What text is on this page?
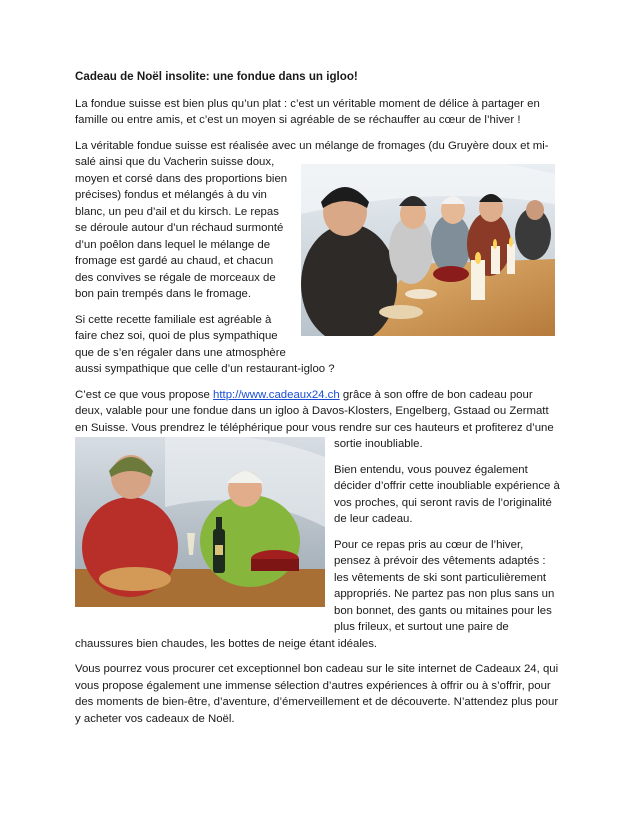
Cadeau de Noël insolite: une fondue dans un igloo!

La fondue suisse est bien plus qu’un plat : c’est un véritable moment de délice à partager en
famille ou entre amis, et c’est un moyen si agréable de se réchauffer au cœur de l’hiver !

La véritable fondue suisse est réalisée avec un mélange de fromages (du Gruyère doux et mi-
salé ainsi que du Vacherin suisse doux,
moyen et corsé dans des proportions bien
précises) fondus et mélangés à du vin
blanc, un peu d’ail et du kirsch. Le repas
se déroule autour d’un réchaud surmonté
d’un poêlon dans lequel le mélange de
fromage est gardé au chaud, et chacun
des convives se régale de morceaux de
bon pain trempés dans le fromage.

Si cette recette familiale est agréable à
faire chez soi, quoi de plus sympathique
que de s’en régaler dans une atmosphère
aussi sympathique que celle d’un restaurant-igloo ?

C’est ce que vous propose http://www.cadeaux24.ch grâce à son offre de bon cadeau pour
deux, valable pour une fondue dans un igloo à Davos-Klosters, Engelberg, Gstaad ou Zermatt
en Suisse. Vous prendrez le téléphérique pour vous rendre sur ces hauteurs et profiterez d’une
sortie inoubliable.

Bien entendu, vous pouvez également
décider d’offrir cette inoubliable expérience à
vos proches, qui seront ravis de l’originalité
de leur cadeau.

Pour ce repas pris au cœur de l’hiver,
pensez à prévoir des vêtements adaptés :
les vêtements de ski sont particulièrement
appropriés. Ne partez pas non plus sans un
bon bonnet, des gants ou mitaines pour les
plus frileux, et surtout une paire de
chaussures bien chaudes, les bottes de neige étant idéales.

Vous pourrez vous procurer cet exceptionnel bon cadeau sur le site internet de Cadeaux 24, qui
vous propose également une immense sélection d’autres expériences à offrir ou à s’offrir, pour
des moments de bien-être, d’aventure, d’émerveillement et de découverte. N’attendez plus pour
y acheter vos cadeaux de Noël.
